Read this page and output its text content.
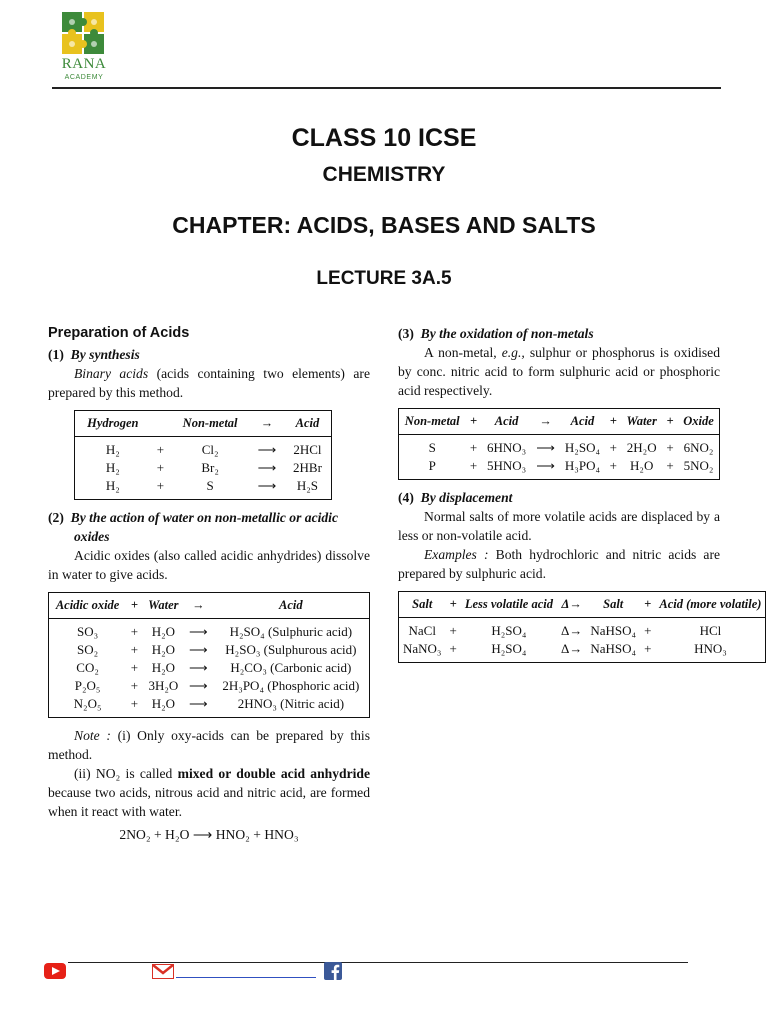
RANA
ACADEMY
CLASS 10 ICSE
CHEMISTRY
CHAPTER: ACIDS, BASES AND SALTS
LECTURE 3A.5

Preparation of Acids

(1) By synthesis

Binary acids (acids containing two elements) are prepared by this method.

Hydrogen		Non-metal	→	Acid
H₂	+	Cl₂	⟶	2HCl
H₂	+	Br₂	⟶	2HBr
H₂	+	S	⟶	H₂S

(2) By the action of water on non-metallic or acidic oxides

Acidic oxides (also called acidic anhydrides) dissolve in water to give acids.

Acidic oxide	+	Water	→	Acid
SO₃	+	H₂O	⟶	H₂SO₄ (Sulphuric acid)
SO₂	+	H₂O	⟶	H₂SO₃ (Sulphurous acid)
CO₂	+	H₂O	⟶	H₂CO₃ (Carbonic acid)
P₂O₅	+	3H₂O	⟶	2H₃PO₄ (Phosphoric acid)
N₂O₅	+	H₂O	⟶	2HNO₃ (Nitric acid)

Note : (i) Only oxy-acids can be prepared by this method.

(ii) NO₂ is called mixed or double acid anhydride because two acids, nitrous acid and nitric acid, are formed when it react with water.

2NO₂ + H₂O ⟶ HNO₂ + HNO₃

(3) By the oxidation of non-metals

A non-metal, e.g., sulphur or phosphorus is oxidised by conc. nitric acid to form sulphuric acid or phosphoric acid respectively.

Non-metal	+	Acid	→	Acid	+	Water	+	Oxide
S	+	6HNO₃	⟶	H₂SO₄	+	2H₂O	+	6NO₂
P	+	5HNO₃	⟶	H₃PO₄	+	H₂O	+	5NO₂

(4) By displacement

Normal salts of more volatile acids are displaced by a less or non-volatile acid.

Examples : Both hydrochloric and nitric acids are prepared by sulphuric acid.

Salt	+	Less volatile acid	Δ→	Salt	+	Acid (more volatile)
NaCl	+	H₂SO₄	Δ→	NaHSO₄	+	HCl
NaNO₃	+	H₂SO₄	Δ→	NaHSO₄	+	HNO₃
